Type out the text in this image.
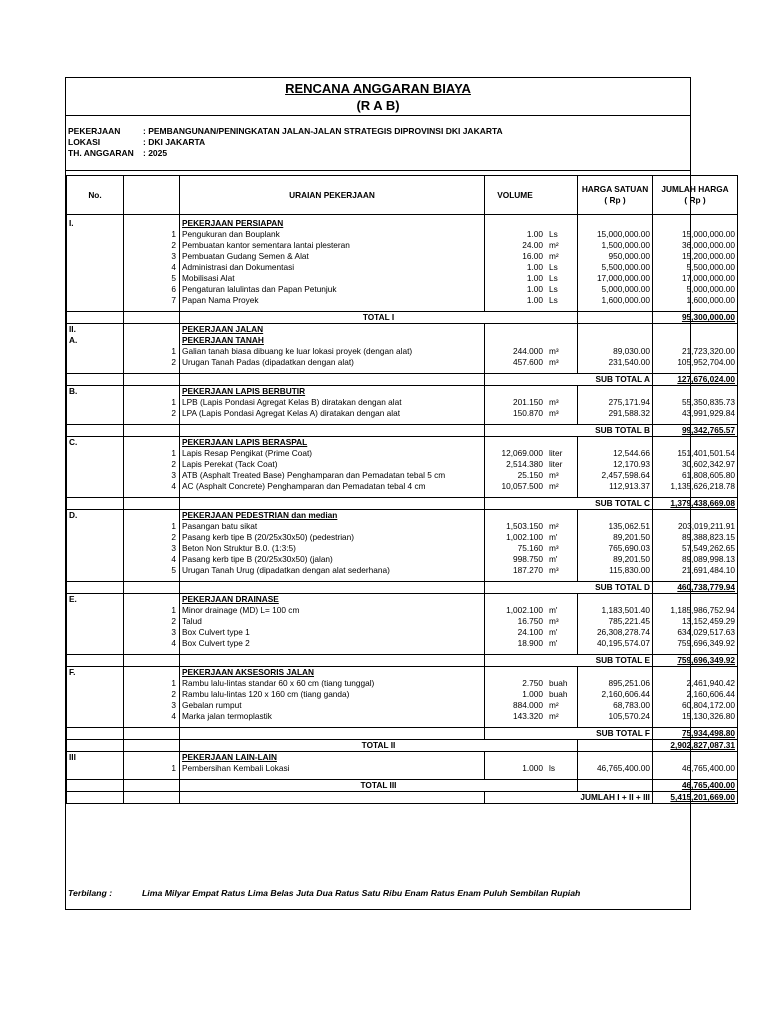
RENCANA ANGGARAN BIAYA
(R A B)
PEKERJAAN	: PEMBANGUNAN/PENINGKATAN JALAN-JALAN STRATEGIS DIPROVINSI DKI JAKARTA
LOKASI	: DKI JAKARTA
TH. ANGGARAN : 2025
No.		URAIAN PEKERJAAN	VOLUME		HARGA SATUAN
( Rp )	JUMLAH HARGA
( Rp )

I.		PEKERJAAN PERSIAPAN				
	1	Pengukuran dan Bouplank	1.00	Ls	15,000,000.00	15,000,000.00
	2	Pembuatan kantor sementara lantai plesteran	24.00	m²	1,500,000.00	36,000,000.00
	3	Pembuatan Gudang Semen & Alat	16.00	m²	950,000.00	15,200,000.00
	4	Administrasi dan Dokumentasi	1.00	Ls	5,500,000.00	5,500,000.00
	5	Mobilisasi Alat	1.00	Ls	17,000,000.00	17,000,000.00
	6	Pengaturan lalulintas dan Papan Petunjuk	1.00	Ls	5,000,000.00	5,000,000.00
	7	Papan Nama Proyek	1.00	Ls	1,600,000.00	1,600,000.00

		TOTAL I				95,300,000.00
II.		PEKERJAAN JALAN				
A.		PEKERJAAN TANAH				
	1	Galian tanah biasa dibuang ke luar lokasi proyek (dengan alat)	244.000	m³	89,030.00	21,723,320.00
	2	Urugan Tanah Padas (dipadatkan dengan alat)	457.600	m³	231,540.00	105,952,704.00

			SUB TOTAL A			127,676,024.00
B.		PEKERJAAN LAPIS BERBUTIR				
	1	LPB (Lapis Pondasi Agregat Kelas B) diratakan dengan alat	201.150	m³	275,171.94	55,350,835.73
	2	LPA (Lapis Pondasi Agregat Kelas A) diratakan dengan alat	150.870	m³	291,588.32	43,991,929.84

			SUB TOTAL B			99,342,765.57
C.		PEKERJAAN LAPIS BERASPAL				
	1	Lapis Resap Pengikat (Prime Coat)	12,069.000	liter	12,544.66	151,401,501.54
	2	Lapis Perekat (Tack Coat)	2,514.380	liter	12,170.93	30,602,342.97
	3	ATB (Asphalt Treated Base) Penghamparan dan Pemadatan tebal 5 cm	25.150	m³	2,457,598.64	61,808,605.80
	4	AC (Asphalt Concrete) Penghamparan dan Pemadatan tebal 4 cm	10,057.500	m²	112,913.37	1,135,626,218.78

			SUB TOTAL C			1,379,438,669.08
D.		PEKERJAAN PEDESTRIAN dan median				
	1	Pasangan batu sikat	1,503.150	m²	135,062.51	203,019,211.91
	2	Pasang kerb tipe B (20/25x30x50) (pedestrian)	1,002.100	m'	89,201.50	89,388,823.15
	3	Beton Non Struktur B.0. (1:3:5)	75.160	m³	765,690.03	57,549,262.65
	4	Pasang kerb tipe B (20/25x30x50) (jalan)	998.750	m'	89,201.50	89,089,998.13
	5	Urugan Tanah Urug (dipadatkan dengan alat sederhana)	187.270	m³	115,830.00	21,691,484.10

			SUB TOTAL D			460,738,779.94
E.		PEKERJAAN DRAINASE				
	1	Minor drainage (MD) L= 100 cm	1,002.100	m'	1,183,501.40	1,185,986,752.94
	2	Talud	16.750	m³	785,221.45	13,152,459.29
	3	Box Culvert type 1	24.100	m'	26,308,278.74	634,029,517.63
	4	Box Culvert type 2	18.900	m'	40,195,574.07	759,696,349.92

			SUB TOTAL E			759,696,349.92
F.		PEKERJAAN AKSESORIS JALAN				
	1	Rambu lalu-lintas standar 60 x 60 cm (tiang tunggal)	2.750	buah	895,251.06	2,461,940.42
	2	Rambu lalu-lintas 120 x 160 cm (tiang ganda)	1.000	buah	2,160,606.44	2,160,606.44
	3	Gebalan rumput	884.000	m²	68,783.00	60,804,172.00
	4	Marka jalan termoplastik	143.320	m²	105,570.24	15,130,326.80

			SUB TOTAL F			75,934,498.80
		TOTAL II				2,902,827,087.31
III		PEKERJAAN LAIN-LAIN				
	1	Pembersihan Kembali Lokasi	1.000	ls	46,765,400.00	46,765,400.00

		TOTAL III				46,765,400.00
			JUMLAH I + II + III			5,415,201,669.00
Terbilang :	Lima Milyar Empat Ratus Lima Belas Juta Dua Ratus Satu Ribu Enam Ratus Enam Puluh Sembilan Rupiah
